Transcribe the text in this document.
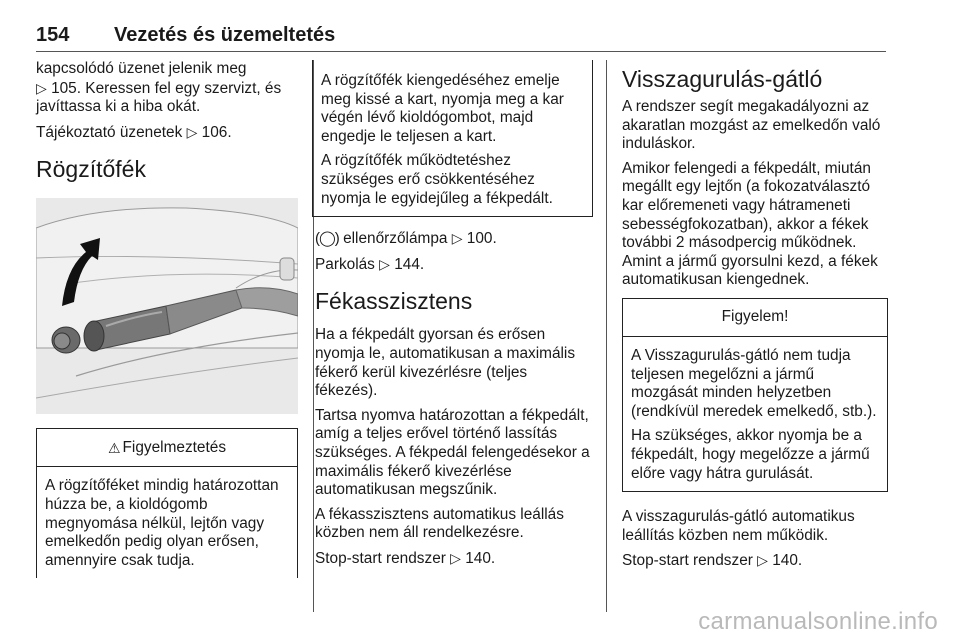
154 Vezetés és üzemeltetés

kapcsolódó üzenet jelenik meg
▷ 105. Keressen fel egy szervizt, és
javíttassa ki a hiba okát.

Tájékoztató üzenetek ▷ 106.

Rögzítőfék
⚠ Figyelmeztetés

A rögzítőféket mindig határozottan húzza be, a kioldógomb megnyomása nélkül, lejtőn vagy emelkedőn pedig olyan erősen, amennyire csak tudja.

A rögzítőfék kiengedéséhez emelje meg kissé a kart, nyomja meg a kar végén lévő kioldógombot, majd engedje le teljesen a kart.

A rögzítőfék működtetéshez szükséges erő csökkentéséhez nyomja le egyidejűleg a fékpedált.

(◯) ellenőrzőlámpa ▷ 100.

Parkolás ▷ 144.

Fékasszisztens

Ha a fékpedált gyorsan és erősen nyomja le, automatikusan a maximális fékerő kerül kivezérlésre (teljes fékezés).

Tartsa nyomva határozottan a fékpedált, amíg a teljes erővel történő lassítás szükséges. A fékpedál felengedésekor a maximális fékerő kivezérlése automatikusan megszűnik.

A fékasszisztens automatikus leállás közben nem áll rendelkezésre.

Stop-start rendszer ▷ 140.

Visszagurulás-gátló

A rendszer segít megakadályozni az akaratlan mozgást az emelkedőn való induláskor.

Amikor felengedi a fékpedált, miután megállt egy lejtőn (a fokozatválasztó kar előremeneti vagy hátrameneti sebességfokozatban), akkor a fékek további 2 másodpercig működnek. Amint a jármű gyorsulni kezd, a fékek automatikusan kiengednek.

Figyelem!

A Visszagurulás-gátló nem tudja teljesen megelőzni a jármű mozgását minden helyzetben (rendkívül meredek emelkedő, stb.).

Ha szükséges, akkor nyomja be a fékpedált, hogy megelőzze a jármű előre vagy hátra gurulását.

A visszagurulás-gátló automatikus leállítás közben nem működik.

Stop-start rendszer ▷ 140.

carmanualsonline.info
